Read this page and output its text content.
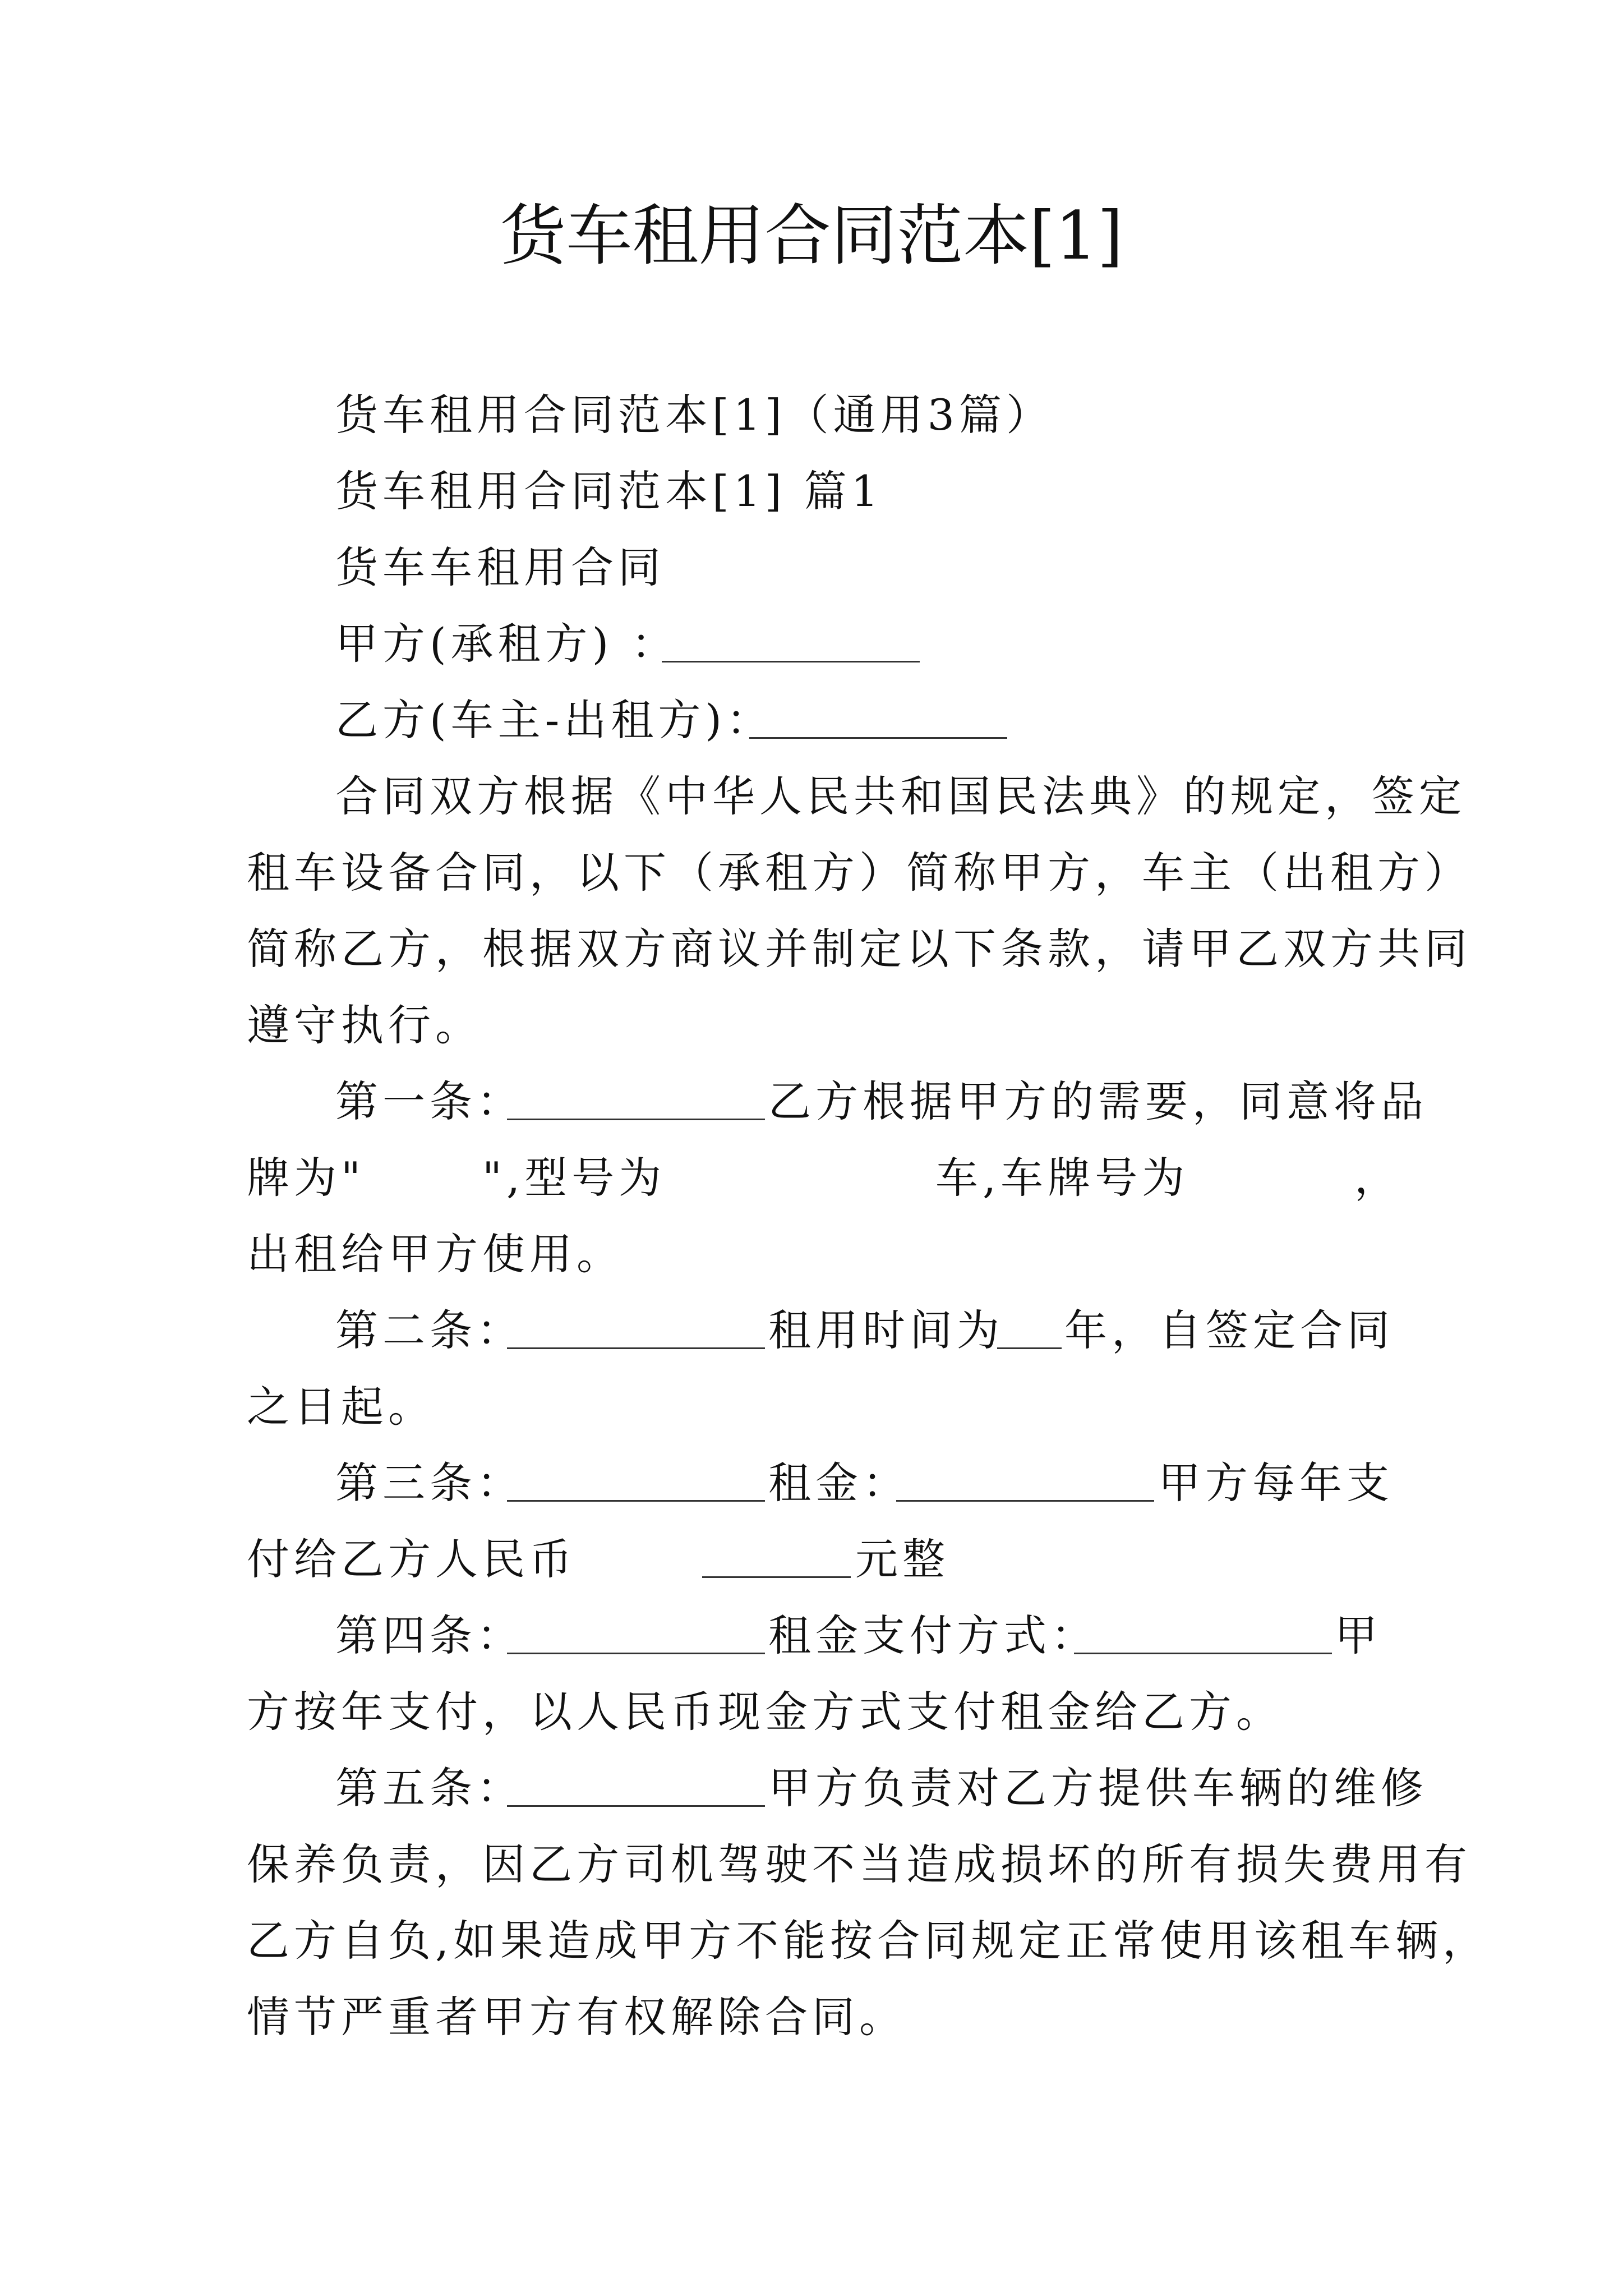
货车租用合同范本[1]
货车租用合同范本[1]（通用3篇）
货车租用合同范本[1] 篇1
货车车租用合同
甲方(承租方) ：
乙方(车主-出租方)：
合同双方根据《中华人民共和国民法典》的规定，签定
租车设备合同，以下（承租方）简称甲方，车主（出租方）
简称乙方，根据双方商议并制定以下条款，请甲乙双方共同
遵守执行。
第一条：	乙方根据甲方的需要，同意将品
牌为"	",型号为	车,车牌号为	，
出租给甲方使用。
第二条：	租用时间为 年，自签定合同
之日起。
第三条：	租金：	甲方每年支
付给乙方人民币	元整
第四条：	租金支付方式：	甲
方按年支付，以人民币现金方式支付租金给乙方。
第五条：	甲方负责对乙方提供车辆的维修
保养负责，因乙方司机驾驶不当造成损坏的所有损失费用有
乙方自负,如果造成甲方不能按合同规定正常使用该租车辆，
情节严重者甲方有权解除合同。
